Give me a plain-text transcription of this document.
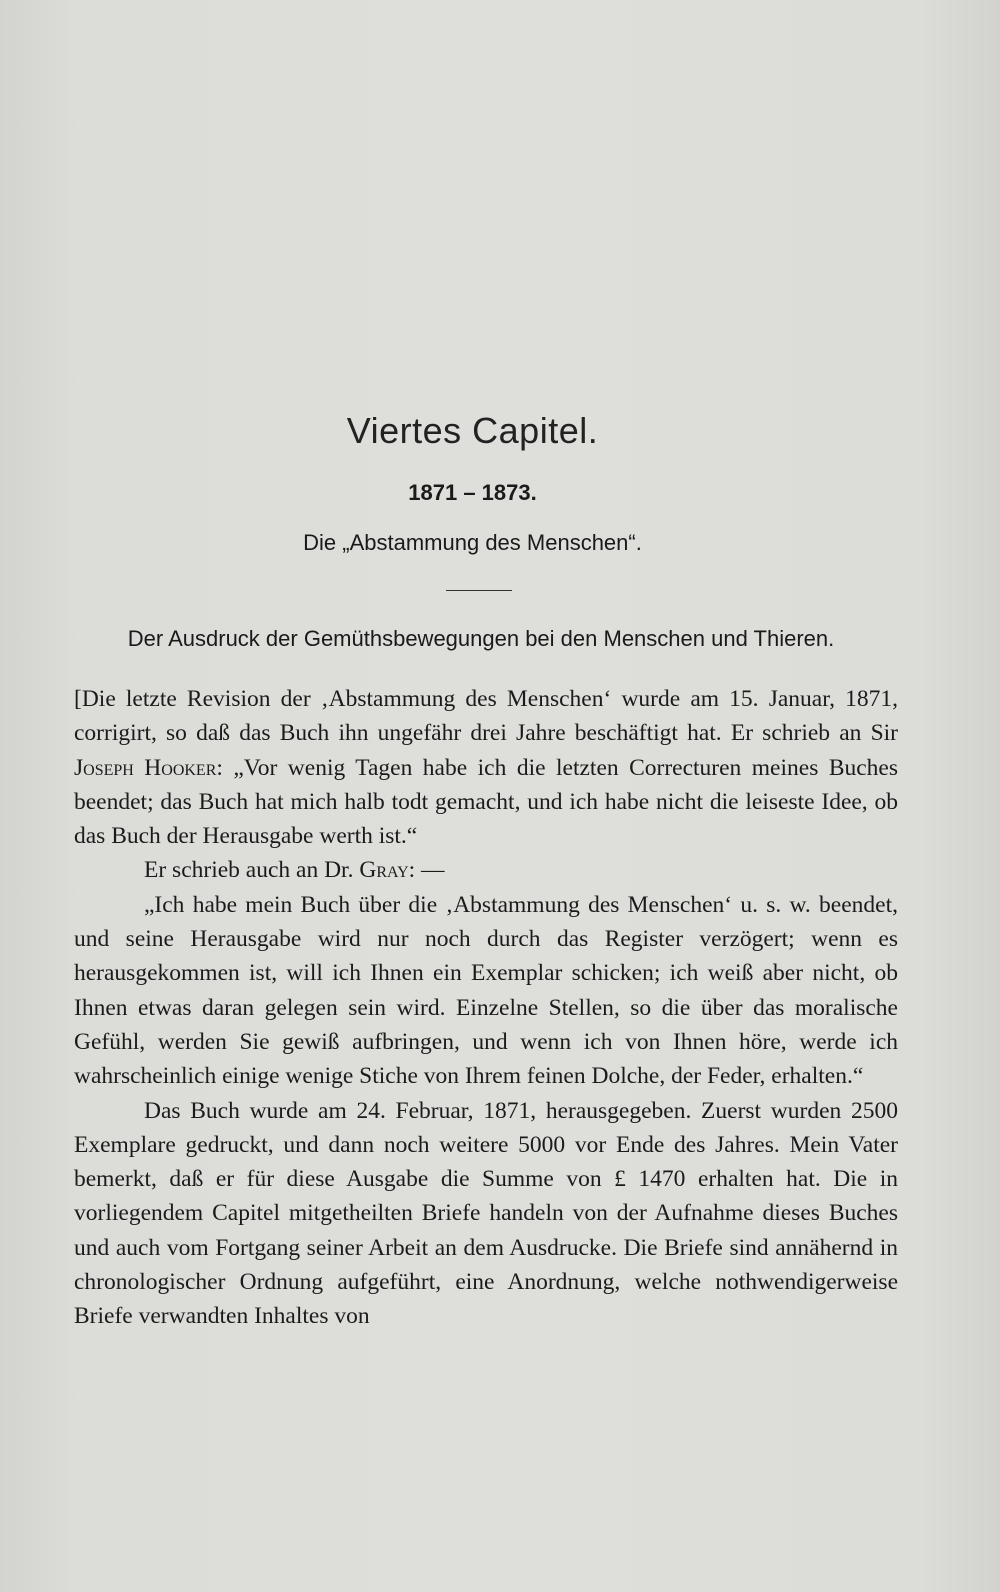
Viertes Capitel.
1871 – 1873.
Die „Abstammung des Menschen“.
Der Ausdruck der Gemüthsbewegungen bei den Menschen und Thieren.

[Die letzte Revision der ‚Abstammung des Menschen‘ wurde am 15. Januar, 1871, corrigirt, so daß das Buch ihn ungefähr drei Jahre beschäftigt hat. Er schrieb an Sir Joseph Hooker: „Vor wenig Tagen habe ich die letzten Correcturen meines Buches beendet; das Buch hat mich halb todt gemacht, und ich habe nicht die leiseste Idee, ob das Buch der Herausgabe werth ist.“

Er schrieb auch an Dr. Gray: —

„Ich habe mein Buch über die ‚Abstammung des Menschen‘ u. s. w. beendet, und seine Herausgabe wird nur noch durch das Register verzögert; wenn es herausgekommen ist, will ich Ihnen ein Exemplar schicken; ich weiß aber nicht, ob Ihnen etwas daran gelegen sein wird. Einzelne Stellen, so die über das moralische Gefühl, werden Sie gewiß aufbringen, und wenn ich von Ihnen höre, werde ich wahrscheinlich einige wenige Stiche von Ihrem feinen Dolche, der Feder, erhalten.“

Das Buch wurde am 24. Februar, 1871, herausgegeben. Zuerst wurden 2500 Exemplare gedruckt, und dann noch weitere 5000 vor Ende des Jahres. Mein Vater bemerkt, daß er für diese Ausgabe die Summe von £ 1470 erhalten hat. Die in vorliegendem Capitel mitgetheilten Briefe handeln von der Aufnahme dieses Buches und auch vom Fortgang seiner Arbeit an dem Ausdrucke. Die Briefe sind annähernd in chronologischer Ordnung aufgeführt, eine Anordnung, welche nothwendigerweise Briefe verwandten Inhaltes von
